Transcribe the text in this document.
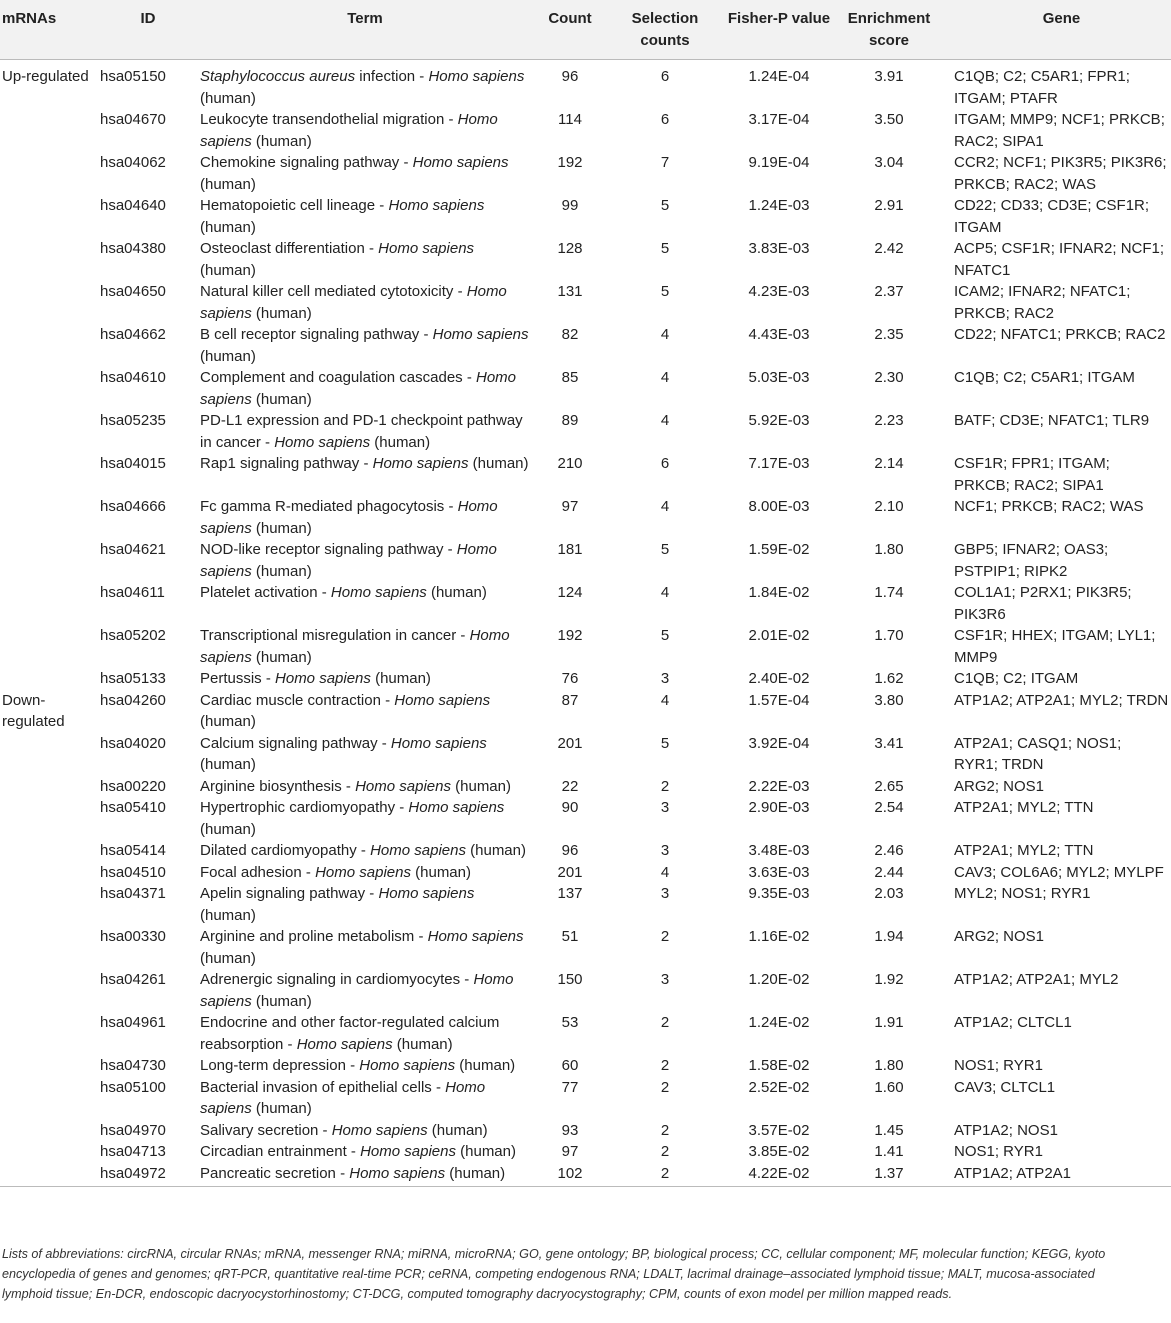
mRNAs	ID	Term	Count	Selection counts	Fisher-P value	Enrichment score	Gene
Up-regulated	hsa05150	Staphylococcus aureus infection - Homo sapiens (human)	96	6	1.24E-04	3.91	C1QB; C2; C5AR1; FPR1; ITGAM; PTAFR
	hsa04670	Leukocyte transendothelial migration - Homo sapiens (human)	114	6	3.17E-04	3.50	ITGAM; MMP9; NCF1; PRKCB; RAC2; SIPA1
	hsa04062	Chemokine signaling pathway - Homo sapiens (human)	192	7	9.19E-04	3.04	CCR2; NCF1; PIK3R5; PIK3R6; PRKCB; RAC2; WAS
	hsa04640	Hematopoietic cell lineage - Homo sapiens (human)	99	5	1.24E-03	2.91	CD22; CD33; CD3E; CSF1R; ITGAM
	hsa04380	Osteoclast differentiation - Homo sapiens (human)	128	5	3.83E-03	2.42	ACP5; CSF1R; IFNAR2; NCF1; NFATC1
	hsa04650	Natural killer cell mediated cytotoxicity - Homo sapiens (human)	131	5	4.23E-03	2.37	ICAM2; IFNAR2; NFATC1; PRKCB; RAC2
	hsa04662	B cell receptor signaling pathway - Homo sapiens (human)	82	4	4.43E-03	2.35	CD22; NFATC1; PRKCB; RAC2
	hsa04610	Complement and coagulation cascades - Homo sapiens (human)	85	4	5.03E-03	2.30	C1QB; C2; C5AR1; ITGAM
	hsa05235	PD-L1 expression and PD-1 checkpoint pathway in cancer - Homo sapiens (human)	89	4	5.92E-03	2.23	BATF; CD3E; NFATC1; TLR9
	hsa04015	Rap1 signaling pathway - Homo sapiens (human)	210	6	7.17E-03	2.14	CSF1R; FPR1; ITGAM; PRKCB; RAC2; SIPA1
	hsa04666	Fc gamma R-mediated phagocytosis - Homo sapiens (human)	97	4	8.00E-03	2.10	NCF1; PRKCB; RAC2; WAS
	hsa04621	NOD-like receptor signaling pathway - Homo sapiens (human)	181	5	1.59E-02	1.80	GBP5; IFNAR2; OAS3; PSTPIP1; RIPK2
	hsa04611	Platelet activation - Homo sapiens (human)	124	4	1.84E-02	1.74	COL1A1; P2RX1; PIK3R5; PIK3R6
	hsa05202	Transcriptional misregulation in cancer - Homo sapiens (human)	192	5	2.01E-02	1.70	CSF1R; HHEX; ITGAM; LYL1; MMP9
	hsa05133	Pertussis - Homo sapiens (human)	76	3	2.40E-02	1.62	C1QB; C2; ITGAM
Down-regulated	hsa04260	Cardiac muscle contraction - Homo sapiens (human)	87	4	1.57E-04	3.80	ATP1A2; ATP2A1; MYL2; TRDN
	hsa04020	Calcium signaling pathway - Homo sapiens (human)	201	5	3.92E-04	3.41	ATP2A1; CASQ1; NOS1; RYR1; TRDN
	hsa00220	Arginine biosynthesis - Homo sapiens (human)	22	2	2.22E-03	2.65	ARG2; NOS1
	hsa05410	Hypertrophic cardiomyopathy - Homo sapiens (human)	90	3	2.90E-03	2.54	ATP2A1; MYL2; TTN
	hsa05414	Dilated cardiomyopathy - Homo sapiens (human)	96	3	3.48E-03	2.46	ATP2A1; MYL2; TTN
	hsa04510	Focal adhesion - Homo sapiens (human)	201	4	3.63E-03	2.44	CAV3; COL6A6; MYL2; MYLPF
	hsa04371	Apelin signaling pathway - Homo sapiens (human)	137	3	9.35E-03	2.03	MYL2; NOS1; RYR1
	hsa00330	Arginine and proline metabolism - Homo sapiens (human)	51	2	1.16E-02	1.94	ARG2; NOS1
	hsa04261	Adrenergic signaling in cardiomyocytes - Homo sapiens (human)	150	3	1.20E-02	1.92	ATP1A2; ATP2A1; MYL2
	hsa04961	Endocrine and other factor-regulated calcium reabsorption - Homo sapiens (human)	53	2	1.24E-02	1.91	ATP1A2; CLTCL1
	hsa04730	Long-term depression - Homo sapiens (human)	60	2	1.58E-02	1.80	NOS1; RYR1
	hsa05100	Bacterial invasion of epithelial cells - Homo sapiens (human)	77	2	2.52E-02	1.60	CAV3; CLTCL1
	hsa04970	Salivary secretion - Homo sapiens (human)	93	2	3.57E-02	1.45	ATP1A2; NOS1
	hsa04713	Circadian entrainment - Homo sapiens (human)	97	2	3.85E-02	1.41	NOS1; RYR1
	hsa04972	Pancreatic secretion - Homo sapiens (human)	102	2	4.22E-02	1.37	ATP1A2; ATP2A1
Lists of abbreviations: circRNA, circular RNAs; mRNA, messenger RNA; miRNA, microRNA; GO, gene ontology; BP, biological process; CC, cellular component; MF, molecular function; KEGG, kyoto encyclopedia of genes and genomes; qRT-PCR, quantitative real-time PCR; ceRNA, competing endogenous RNA; LDALT, lacrimal drainage–associated lymphoid tissue; MALT, mucosa-associated lymphoid tissue; En-DCR, endoscopic dacryocystorhinostomy; CT-DCG, computed tomography dacryocystography; CPM, counts of exon model per million mapped reads.
